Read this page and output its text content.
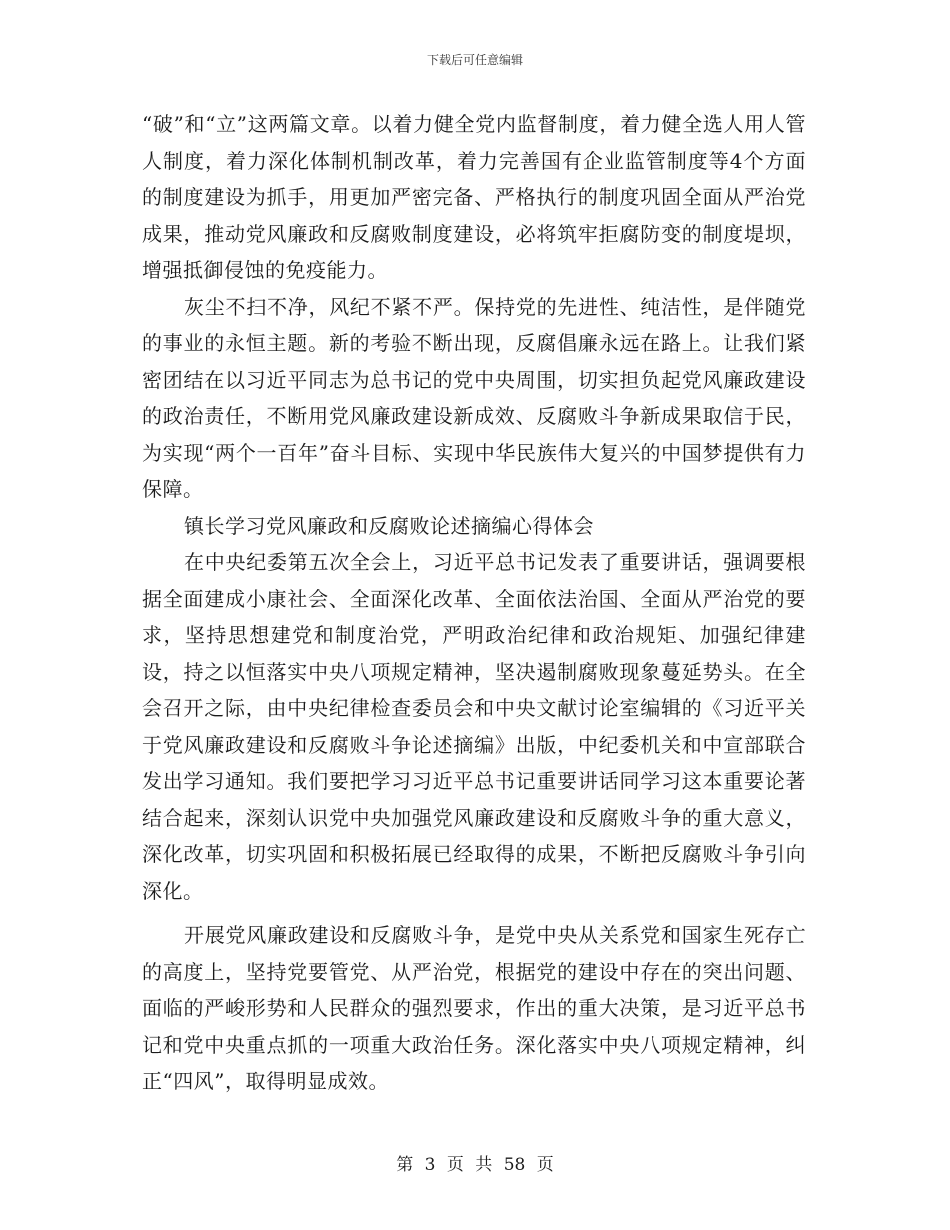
下载后可任意编辑

“破”和“立”这两篇文章。以着力健全党内监督制度，着力健全选人用人管人制度，着力深化体制机制改革，着力完善国有企业监管制度等4个方面的制度建设为抓手，用更加严密完备、严格执行的制度巩固全面从严治党成果，推动党风廉政和反腐败制度建设，必将筑牢拒腐防变的制度堤坝，增强抵御侵蚀的免疫能力。

灰尘不扫不净，风纪不紧不严。保持党的先进性、纯洁性，是伴随党的事业的永恒主题。新的考验不断出现，反腐倡廉永远在路上。让我们紧密团结在以习近平同志为总书记的党中央周围，切实担负起党风廉政建设的政治责任，不断用党风廉政建设新成效、反腐败斗争新成果取信于民，为实现“两个一百年”奋斗目标、实现中华民族伟大复兴的中国梦提供有力保障。

镇长学习党风廉政和反腐败论述摘编心得体会

在中央纪委第五次全会上，习近平总书记发表了重要讲话，强调要根据全面建成小康社会、全面深化改革、全面依法治国、全面从严治党的要求，坚持思想建党和制度治党，严明政治纪律和政治规矩、加强纪律建设，持之以恒落实中央八项规定精神，坚决遏制腐败现象蔓延势头。在全会召开之际，由中央纪律检查委员会和中央文献讨论室编辑的《习近平关于党风廉政建设和反腐败斗争论述摘编》出版，中纪委机关和中宣部联合发出学习通知。我们要把学习习近平总书记重要讲话同学习这本重要论著结合起来，深刻认识党中央加强党风廉政建设和反腐败斗争的重大意义，深化改革，切实巩固和积极拓展已经取得的成果，不断把反腐败斗争引向深化。

开展党风廉政建设和反腐败斗争，是党中央从关系党和国家生死存亡的高度上，坚持党要管党、从严治党，根据党的建设中存在的突出问题、面临的严峻形势和人民群众的强烈要求，作出的重大决策，是习近平总书记和党中央重点抓的一项重大政治任务。深化落实中央八项规定精神，纠正“四风”，取得明显成效。

第 3 页 共 58 页
